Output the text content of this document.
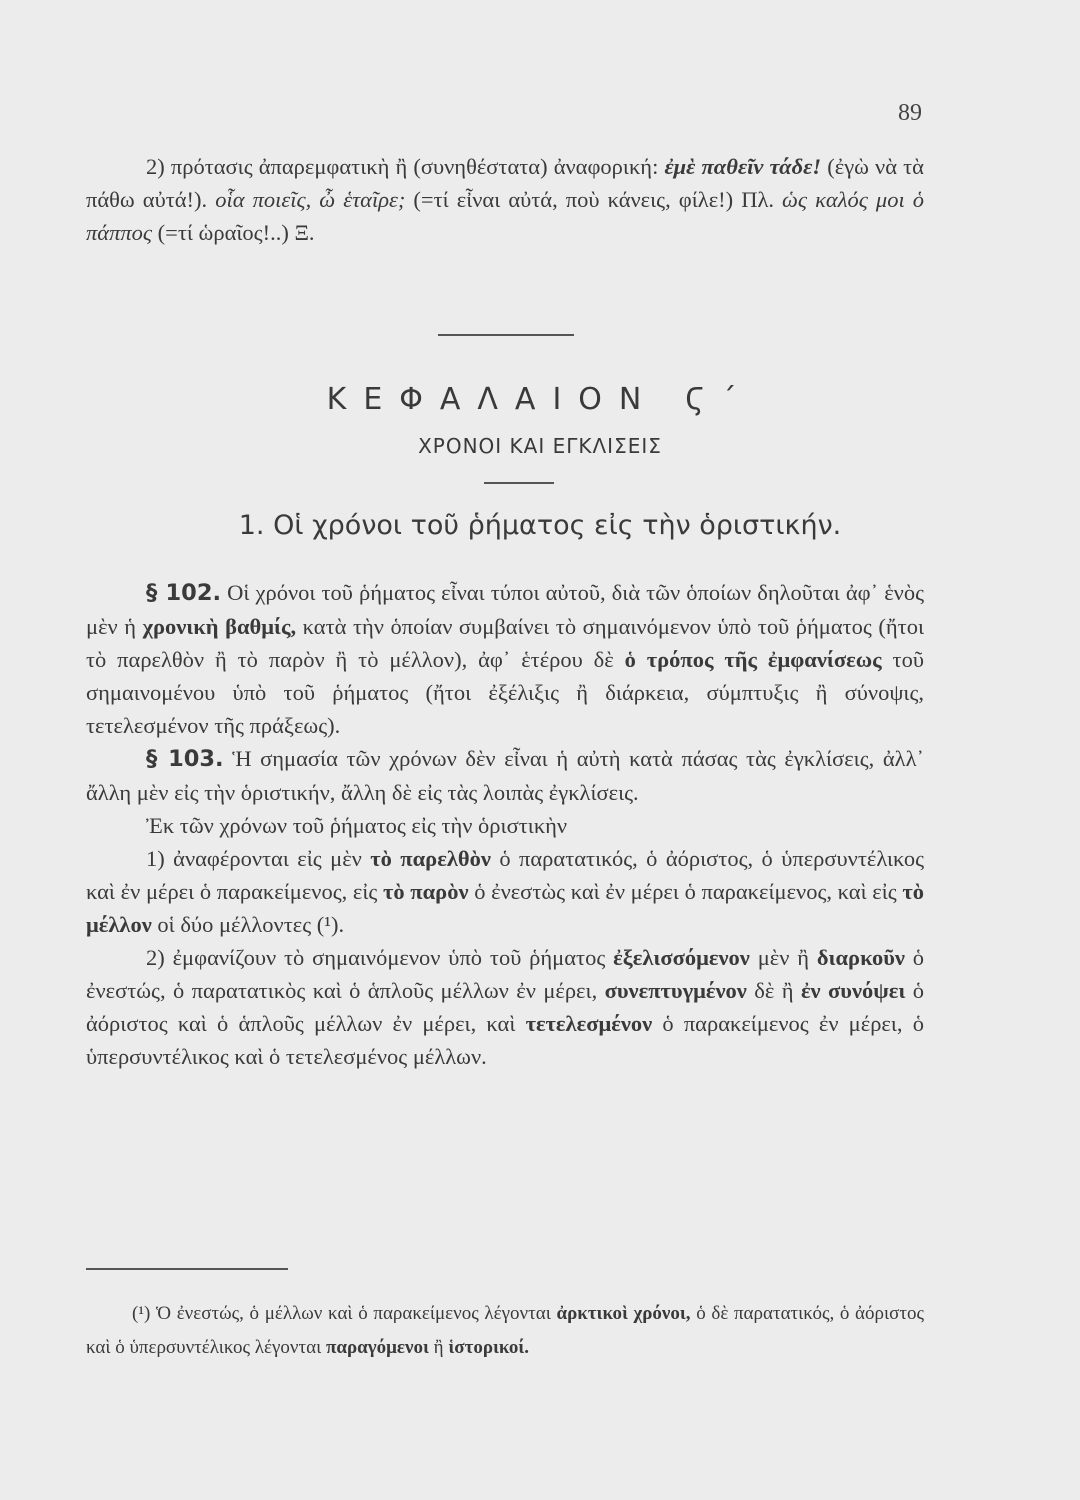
89

2) πρότασις ἀπαρεμφατικὴ ἢ (συνηθέστατα) ἀναφορική: ἐμὲ παθεῖν τάδε! (ἐγὼ νὰ τὰ πάθω αὐτά!). οἷα ποιεῖς, ὦ ἑταῖρε; (=τί εἶναι αὐτά, ποὺ κάνεις, φίλε!) Πλ. ὡς καλός μοι ὁ πάππος (=τί ὡραῖος!..) Ξ.

ΚΕΦΑΛΑΙΟΝ Ϛ΄
ΧΡΟΝΟΙ ΚΑΙ ΕΓΚΛΙΣΕΙΣ
1. Οἱ χρόνοι τοῦ ῥήματος εἰς τὴν ὁριστικήν.

§ 102. Οἱ χρόνοι τοῦ ῥήματος εἶναι τύποι αὐτοῦ, διὰ τῶν ὁποίων δηλοῦται ἀφ᾿ ἑνὸς μὲν ἡ χρονικὴ βαθμίς, κατὰ τὴν ὁποίαν συμβαίνει τὸ σημαινόμενον ὑπὸ τοῦ ῥήματος (ἤτοι τὸ παρελθὸν ἢ τὸ παρὸν ἢ τὸ μέλλον), ἀφ᾿ ἑτέρου δὲ ὁ τρόπος τῆς ἐμφανίσεως τοῦ σημαινομένου ὑπὸ τοῦ ῥήματος (ἤτοι ἐξέλιξις ἢ διάρκεια, σύμπτυξις ἢ σύνοψις, τετελεσμένον τῆς πράξεως).

§ 103. Ἡ σημασία τῶν χρόνων δὲν εἶναι ἡ αὐτὴ κατὰ πάσας τὰς ἐγκλίσεις, ἀλλ᾿ ἄλλη μὲν εἰς τὴν ὁριστικήν, ἄλλη δὲ εἰς τὰς λοιπὰς ἐγκλίσεις.

Ἐκ τῶν χρόνων τοῦ ῥήματος εἰς τὴν ὁριστικὴν

1) ἀναφέρονται εἰς μὲν τὸ παρελθὸν ὁ παρατατικός, ὁ ἀόριστος, ὁ ὑπερσυντέλικος καὶ ἐν μέρει ὁ παρακείμενος, εἰς τὸ παρὸν ὁ ἐνεστὼς καὶ ἐν μέρει ὁ παρακείμενος, καὶ εἰς τὸ μέλλον οἱ δύο μέλλοντες (¹).

2) ἐμφανίζουν τὸ σημαινόμενον ὑπὸ τοῦ ῥήματος ἐξελισσόμενον μὲν ἢ διαρκοῦν ὁ ἐνεστώς, ὁ παρατατικὸς καὶ ὁ ἁπλοῦς μέλλων ἐν μέρει, συνεπτυγμένον δὲ ἢ ἐν συνόψει ὁ ἀόριστος καὶ ὁ ἁπλοῦς μέλλων ἐν μέρει, καὶ τετελεσμένον ὁ παρακείμενος ἐν μέρει, ὁ ὑπερσυντέλικος καὶ ὁ τετελεσμένος μέλλων.

(¹) Ὁ ἐνεστώς, ὁ μέλλων καὶ ὁ παρακείμενος λέγονται ἀρκτικοὶ χρόνοι, ὁ δὲ παρατατικός, ὁ ἀόριστος καὶ ὁ ὑπερσυντέλικος λέγονται παραγόμενοι ἢ ἱστορικοί.
